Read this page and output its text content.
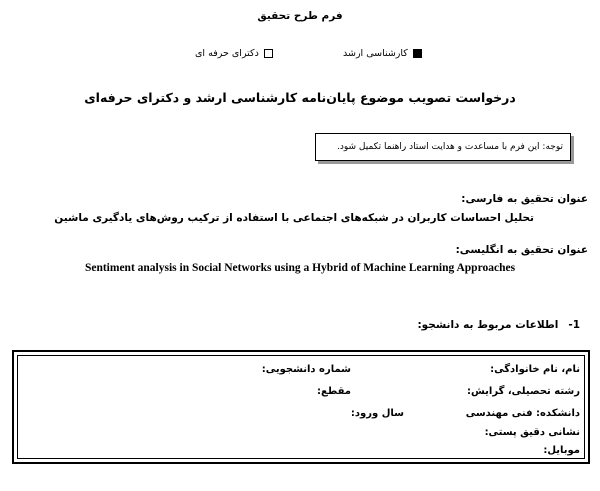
فرم طرح تحقیق
کارشناسی ارشد
دکترای حرفه ای
درخواست تصویب موضوع پایان‌نامه کارشناسی ارشد و دکترای حرفه‌ای
توجه: این فرم با مساعدت و هدایت استاد راهنما تکمیل شود.
عنوان تحقیق به فارسی:
تحلیل احساسات کاربران در شبکه‌های اجتماعی با استفاده از ترکیب روش‌های یادگیری ماشین
عنوان تحقیق به انگلیسی:
Sentiment analysis in Social Networks using a Hybrid of Machine Learning Approaches
1-
اطلاعات مربوط به دانشجو:
نام، نام خانوادگی:
شماره دانشجویی:
رشته تحصیلی، گرایش:
مقطع:
دانشکده: فنی مهندسی
سال ورود:
نشانی دقیق پستی:
موبایل:
